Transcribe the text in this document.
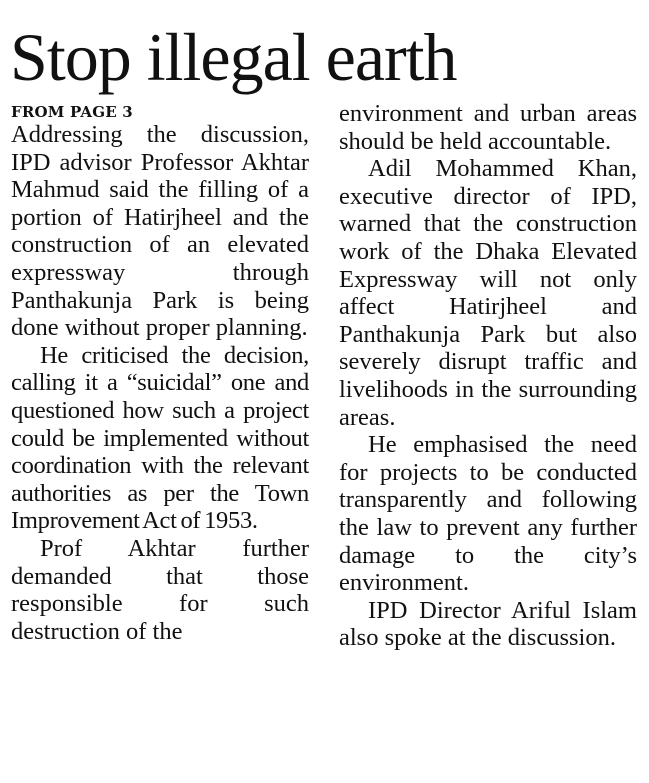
Stop illegal earth
FROM PAGE 3

Addressing the discussion, IPD advisor Professor Akhtar Mahmud said the filling of a portion of Hatirjheel and the construction of an elevated expressway through Panthakunja Park is being done without proper planning.

He criticised the decision, calling it a “suicidal” one and questioned how such a project could be implemented without coordination with the relevant authorities as per the Town Improvement Act of 1953.

Prof Akhtar further demanded that those responsible for such destruction of the

environment and urban areas should be held accountable.

Adil Mohammed Khan, executive director of IPD, warned that the construction work of the Dhaka Elevated Expressway will not only affect Hatirjheel and Panthakunja Park but also severely disrupt traffic and livelihoods in the surrounding areas.

He emphasised the need for projects to be conducted transparently and following the law to prevent any further damage to the city’s environment.

IPD Director Ariful Islam also spoke at the discussion.
